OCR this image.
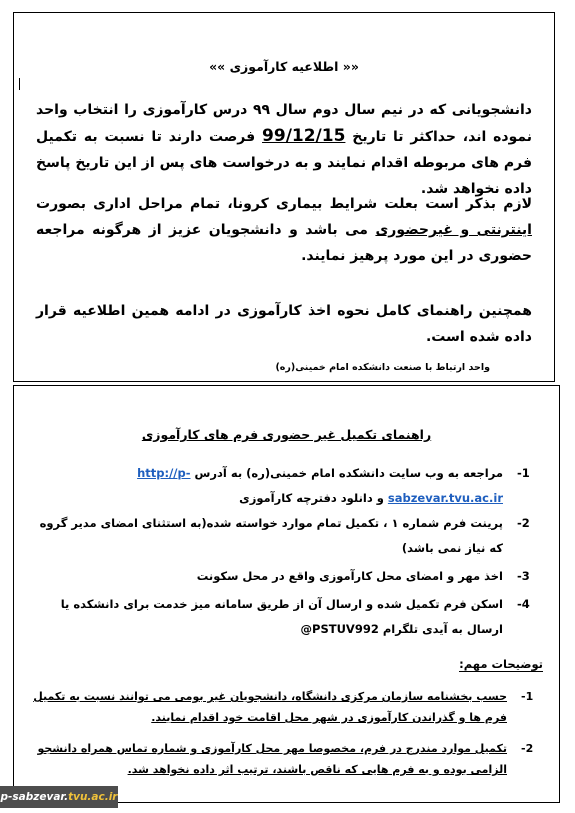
«« اطلاعیه کارآموزی »»
دانشجویانی که در نیم سال دوم سال ۹۹ درس کارآموزی را انتخاب واحد نموده اند، حداکثر تا تاریخ 99/12/15 فرصت دارند تا نسبت به تکمیل فرم های مربوطه اقدام نمایند و به درخواست های پس از این تاریخ پاسخ داده نخواهد شد.
لازم بذکر است بعلت شرایط بیماری کرونا، تمام مراحل اداری بصورت اینترنتی و غیرحضوری می باشد و دانشجویان عزیز از هرگونه مراجعه حضوری در این مورد پرهیز نمایند.
همچنین راهنمای کامل نحوه اخذ کارآموزی در ادامه همین اطلاعیه قرار داده شده است.
واحد ارتباط با صنعت دانشکده امام خمینی(ره)
راهنمای تکمیل غیر حضوری فرم های کارآموزی
-1
مراجعه به وب سایت دانشکده امام خمینی(ره) به آدرس http://p-sabzevar.tvu.ac.ir و دانلود دفترچه کارآموزی
-2
پرینت فرم شماره ۱ ، تکمیل تمام موارد خواسته شده(به استثنای امضای مدیر گروه که نیاز نمی باشد)
-3
اخذ مهر و امضای محل کارآموزی واقع در محل سکونت
-4
اسکن فرم تکمیل شده و ارسال آن از طریق سامانه میز خدمت برای دانشکده یا ارسال به آیدی تلگرام @PSTUV992
توضیحات مهم:
-1
حسب بخشنامه سازمان مرکزی دانشگاه، دانشجویان غیر بومی می توانند نسبت به تکمیل فرم ها و گذراندن کارآموزی در شهر محل اقامت خود اقدام نمایند.
-2
تکمیل موارد مندرج در فرم، مخصوصا مهر محل کارآموزی و شماره تماس همراه دانشجو الزامی بوده و به فرم هایی که ناقص باشند، ترتیب اثر داده نخواهد شد.
p-sabzevar.tvu.ac.ir
